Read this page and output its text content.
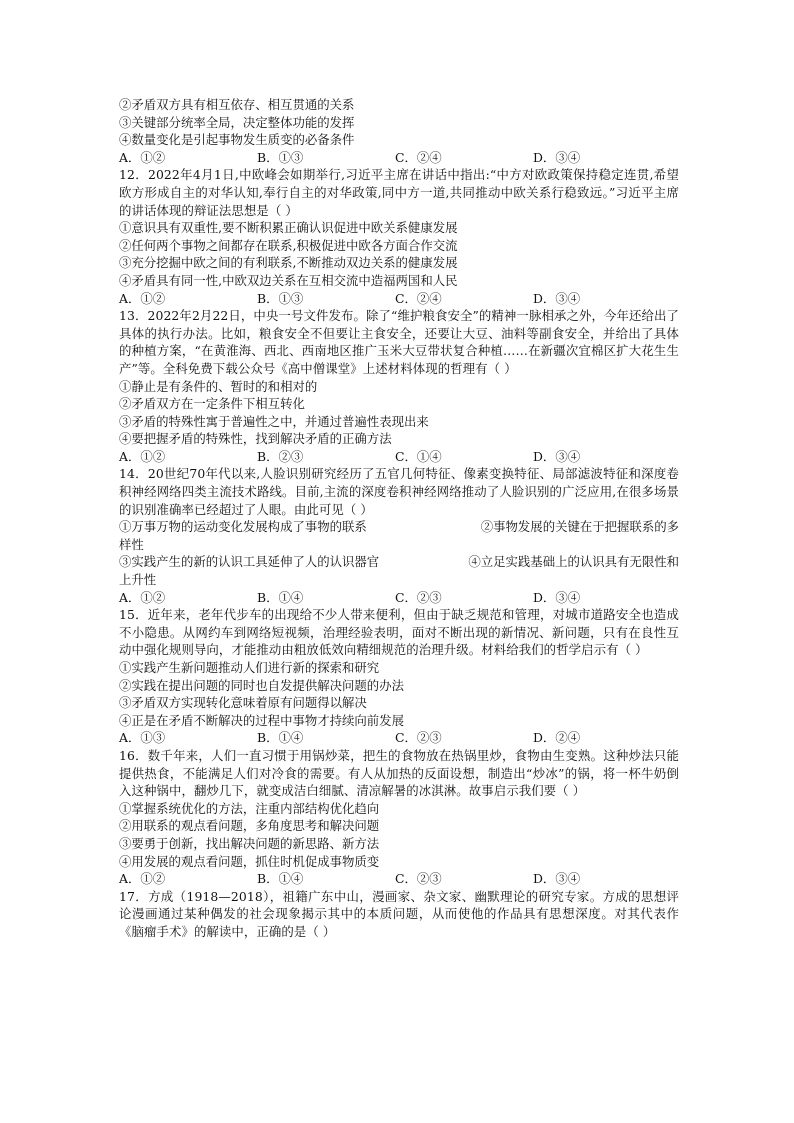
②矛盾双方具有相互依存、相互贯通的关系
③关键部分统率全局，决定整体功能的发挥
④数量变化是引起事物发生质变的必备条件
A．①②	B．①③	C．②④	D．③④
12．2022年4月1日,中欧峰会如期举行,习近平主席在讲话中指出:“中方对欧政策保持稳定连贯,希望欧方形成自主的对华认知,奉行自主的对华政策,同中方一道,共同推动中欧关系行稳致远。”习近平主席的讲话体现的辩证法思想是（ ）
①意识具有双重性,要不断积累正确认识促进中欧关系健康发展
②任何两个事物之间都存在联系,积极促进中欧各方面合作交流
③充分挖掘中欧之间的有利联系,不断推动双边关系的健康发展
④矛盾具有同一性,中欧双边关系在互相交流中造福两国和人民
A．①②	B．①③	C．②④	D．③④
13．2022年2月22日，中央一号文件发布。除了“维护粮食安全”的精神一脉相承之外，今年还给出了具体的执行办法。比如，粮食安全不但要让主食安全，还要让大豆、油料等副食安全，并给出了具体的种植方案，“在黄淮海、西北、西南地区推广玉米大豆带状复合种植……在新疆次宜棉区扩大花生生产”等。全科免费下载公众号《高中僧课堂》上述材料体现的哲理有（ ）
①静止是有条件的、暂时的和相对的
②矛盾双方在一定条件下相互转化
③矛盾的特殊性寓于普遍性之中，并通过普遍性表现出来
④要把握矛盾的特殊性，找到解决矛盾的正确方法
A．①②	B．②③	C．①④	D．③④
14．20世纪70年代以来,人脸识别研究经历了五官几何特征、像素变换特征、局部滤波特征和深度卷积神经网络四类主流技术路线。目前,主流的深度卷积神经网络推动了人脸识别的广泛应用,在很多场景的识别准确率已经超过了人眼。由此可见（ ）
①万事万物的运动变化发展构成了事物的联系	②事物发展的关键在于把握联系的多
样性
③实践产生的新的认识工具延伸了人的认识器官	④立足实践基础上的认识具有无限性和
上升性
A．①②	B．①④	C．②③	D．③④
15．近年来，老年代步车的出现给不少人带来便利，但由于缺乏规范和管理，对城市道路安全也造成不小隐患。从网约车到网络短视频，治理经验表明，面对不断出现的新情况、新问题，只有在良性互动中强化规则导向，才能推动由粗放低效向精细规范的治理升级。材料给我们的哲学启示有（ ）
①实践产生新问题推动人们进行新的探索和研究
②实践在提出问题的同时也自发提供解决问题的办法
③矛盾双方实现转化意味着原有问题得以解决
④正是在矛盾不断解决的过程中事物才持续向前发展
A．①③	B．①④	C．②③	D．②④
16．数千年来，人们一直习惯于用锅炒菜，把生的食物放在热锅里炒，食物由生变熟。这种炒法只能提供热食，不能满足人们对冷食的需要。有人从加热的反面设想，制造出“炒冰”的锅，将一杯牛奶倒入这种锅中，翻炒几下，就变成洁白细腻、清凉解暑的冰淇淋。故事启示我们要（ ）
①掌握系统优化的方法，注重内部结构优化趋向
②用联系的观点看问题，多角度思考和解决问题
③要勇于创新，找出解决问题的新思路、新方法
④用发展的观点看问题，抓住时机促成事物质变
A．①②	B．①④	C．②③	D．③④
17．方成（1918—2018），祖籍广东中山，漫画家、杂文家、幽默理论的研究专家。方成的思想评论漫画通过某种偶发的社会现象揭示其中的本质问题，从而使他的作品具有思想深度。对其代表作《脑瘤手术》的解读中，正确的是（ ）
